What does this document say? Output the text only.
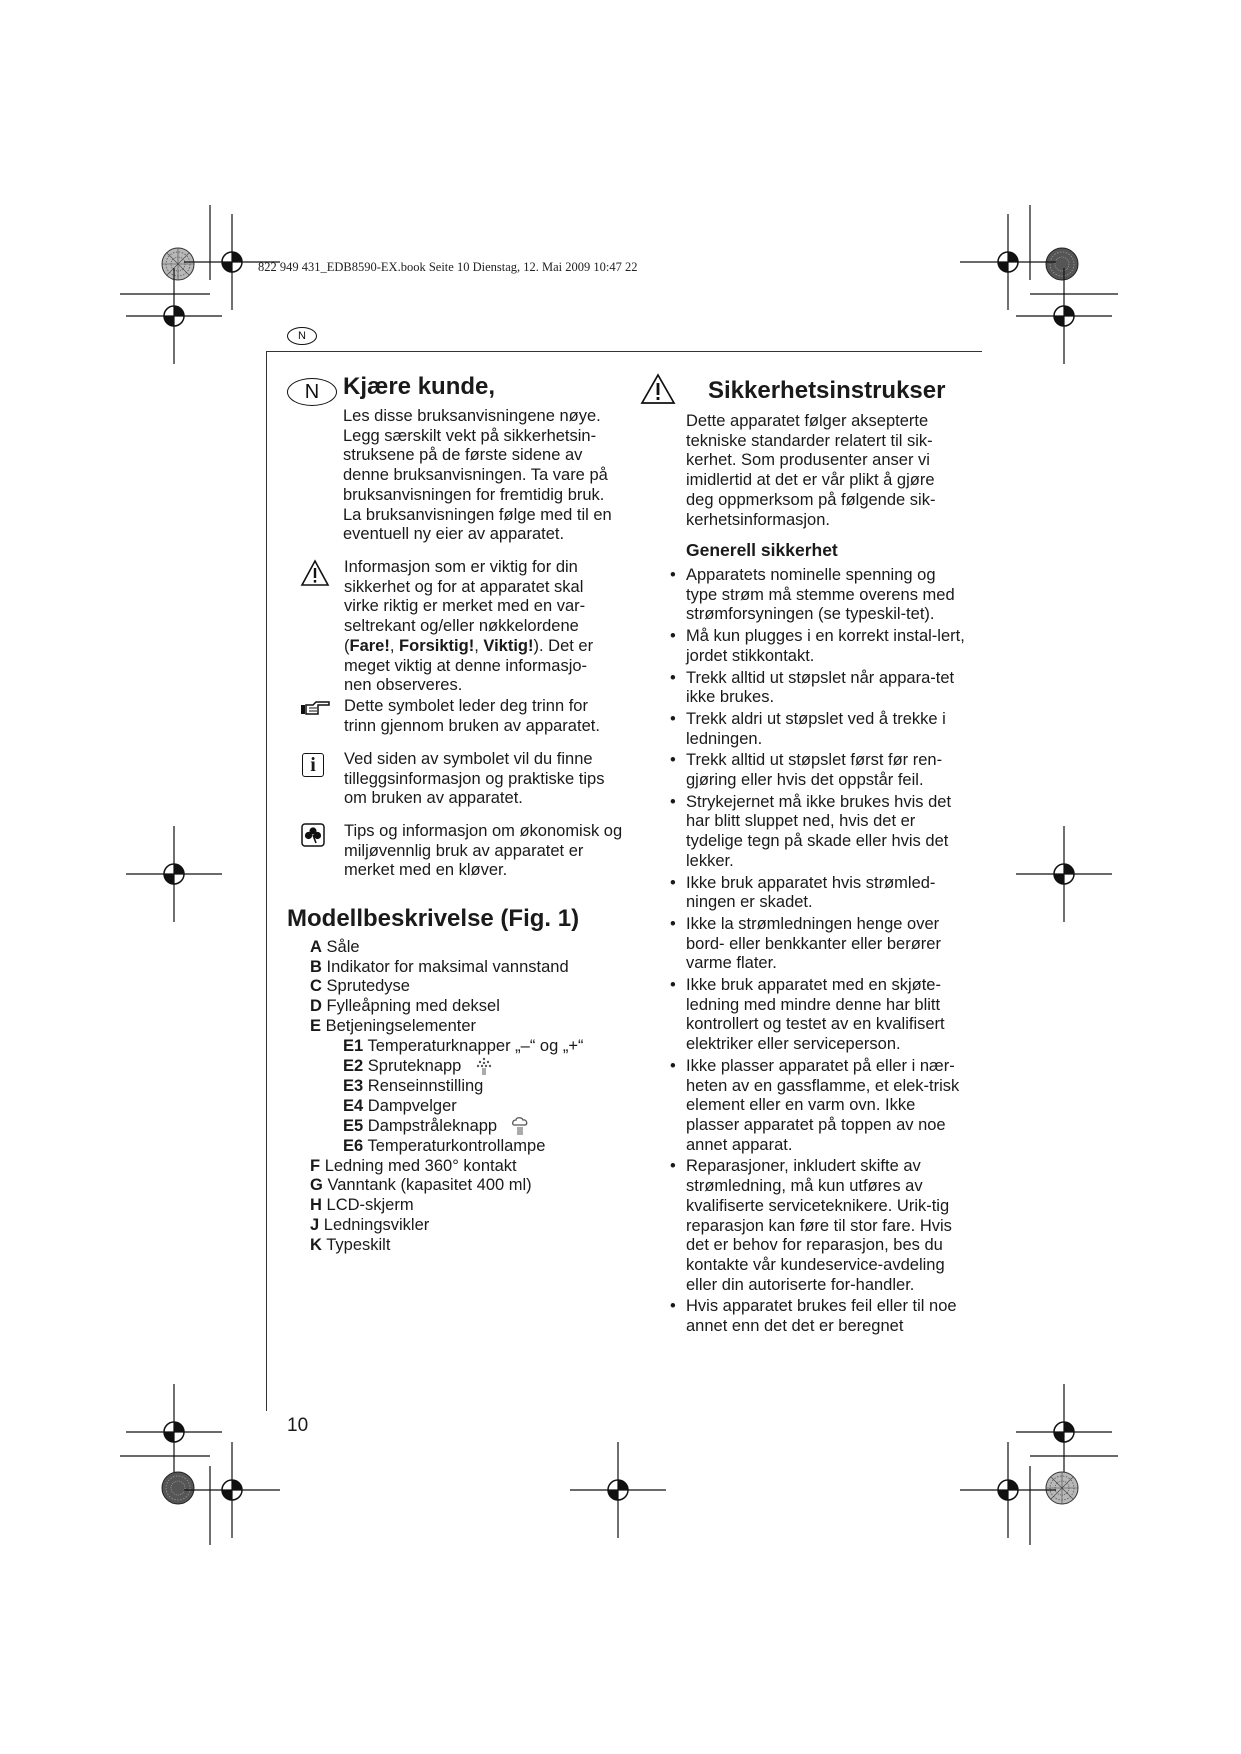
822 949 431_EDB8590-EX.book Seite 10 Dienstag, 12. Mai 2009 10:47 22
N
N Kjære kunde,
Les disse bruksanvisningene nøye. Legg særskilt vekt på sikkerhetsin-struksene på de første sidene av denne bruksanvisningen. Ta vare på bruksanvisningen for fremtidig bruk. La bruksanvisningen følge med til en eventuell ny eier av apparatet.
Informasjon som er viktig for din sikkerhet og for at apparatet skal virke riktig er merket med en var-seltrekant og/eller nøkkelordene (Fare!, Forsiktig!, Viktig!). Det er meget viktig at denne informasjo-nen observeres.
Dette symbolet leder deg trinn for trinn gjennom bruken av apparatet.
i	Ved siden av symbolet vil du finne tilleggsinformasjon og praktiske tips om bruken av apparatet.
Tips og informasjon om økonomisk og miljøvennlig bruk av apparatet er merket med en kløver.
Modellbeskrivelse (Fig. 1)
A Såle
B Indikator for maksimal vannstand
C Sprutedyse
D Fylleåpning med deksel
E Betjeningselementer
E1 Temperaturknapper „–“ og „+“
E2 Spruteknapp
E3 Renseinnstilling
E4 Dampvelger
E5 Dampstråleknapp
E6 Temperaturkontrollampe
F Ledning med 360° kontakt
G Vanntank (kapasitet 400 ml)
H LCD-skjerm
J Ledningsvikler
K Typeskilt
Sikkerhetsinstrukser
Dette apparatet følger aksepterte tekniske standarder relatert til sik-kerhet. Som produsenter anser vi imidlertid at det er vår plikt å gjøre deg oppmerksom på følgende sik-kerhetsinformasjon.
Generell sikkerhet
• Apparatets nominelle spenning og type strøm må stemme overens med strømforsyningen (se typeskil-tet).
• Må kun plugges i en korrekt instal-lert, jordet stikkontakt.
• Trekk alltid ut støpslet når appara-tet ikke brukes.
• Trekk aldri ut støpslet ved å trekke i ledningen.
• Trekk alltid ut støpslet først før ren-gjøring eller hvis det oppstår feil.
• Strykejernet må ikke brukes hvis det har blitt sluppet ned, hvis det er tydelige tegn på skade eller hvis det lekker.
• Ikke bruk apparatet hvis strømled-ningen er skadet.
• Ikke la strømledningen henge over bord- eller benkkanter eller berører varme flater.
• Ikke bruk apparatet med en skjøte-ledning med mindre denne har blitt kontrollert og testet av en kvalifisert elektriker eller serviceperson.
• Ikke plasser apparatet på eller i nær-heten av en gassflamme, et elek-trisk element eller en varm ovn. Ikke plasser apparatet på toppen av noe annet apparat.
• Reparasjoner, inkludert skifte av strømledning, må kun utføres av kvalifiserte serviceteknikere. Urik-tig reparasjon kan føre til stor fare. Hvis det er behov for reparasjon, bes du kontakte vår kundeservice-avdeling eller din autoriserte for-handler.
• Hvis apparatet brukes feil eller til noe annet enn det det er beregnet
10
